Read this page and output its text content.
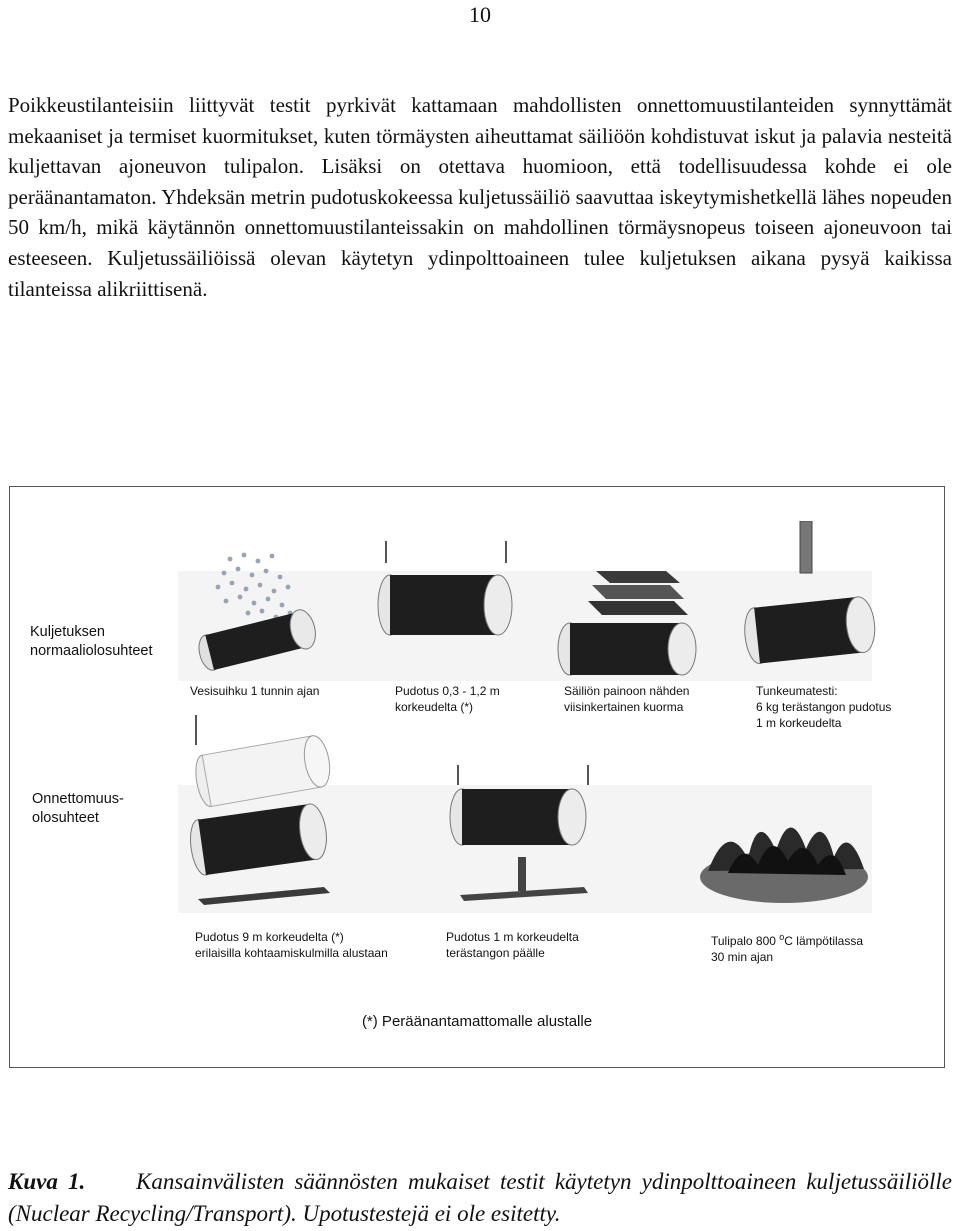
10

Poikkeustilanteisiin liittyvät testit pyrkivät kattamaan mahdollisten onnettomuustilanteiden synnyttämät mekaaniset ja termiset kuormitukset, kuten törmäysten aiheuttamat säiliöön kohdistuvat iskut ja palavia nesteitä kuljettavan ajoneuvon tulipalon. Lisäksi on otettava huomioon, että todellisuudessa kohde ei ole peräänantamaton. Yhdeksän metrin pudotuskokeessa kuljetussäiliö saavuttaa iskeytymishetkellä lähes nopeuden 50 km/h, mikä käytännön onnettomuustilanteissakin on mahdollinen törmäysnopeus toiseen ajoneuvoon tai esteeseen. Kuljetussäiliöissä olevan käytetyn ydinpolttoaineen tulee kuljetuksen aikana pysyä kaikissa tilanteissa alikriittisenä.

Kuljetuksen
normaaliolosuhteet
Onnettomuus-
olosuhteet
Vesisuihku 1 tunnin ajan	Pudotus 0,3 - 1,2 m
korkeudelta (*)
Säiliön painoon nähden
viisinkertainen kuorma
Tunkeumatesti:
6 kg terästangon pudotus
1 m korkeudelta
Pudotus 9 m korkeudelta (*)
erilaisilla kohtaamiskulmilla alustaan
Pudotus 1 m korkeudelta
terästangon päälle
Tulipalo 800 $^o$C lämpötilassa
30 min ajan
(*) Peräänantamattomalle alustalle

Kuva 1. Kansainvälisten säännösten mukaiset testit käytetyn ydinpolttoaineen kuljetussäiliölle (Nuclear Recycling/Transport). Upotustestejä ei ole esitetty.
